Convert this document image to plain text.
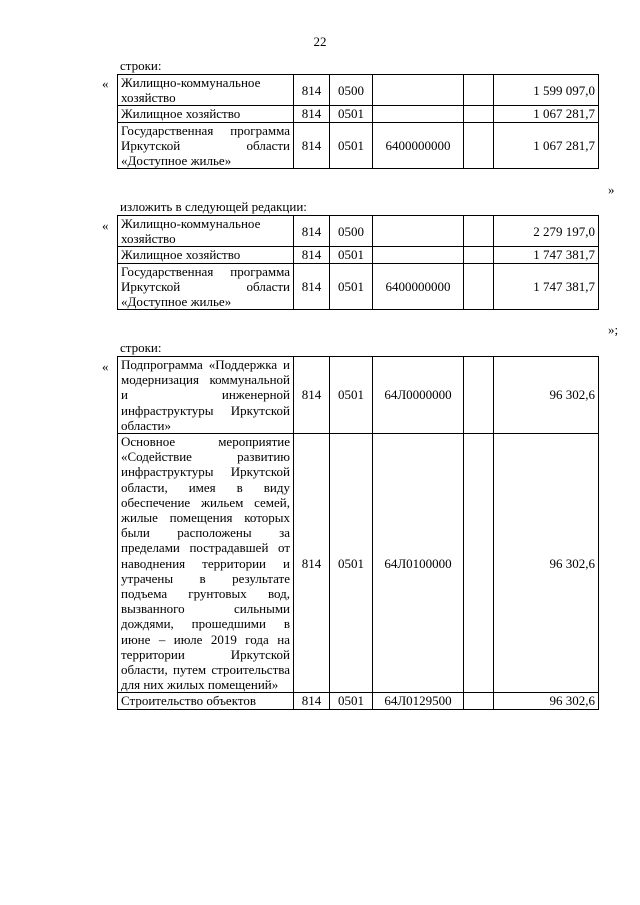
22
строки:
«
»
Жилищно-коммунальное хозяйство	814	0500			1 599 097,0
Жилищное хозяйство	814	0501			1 067 281,7
Государственная программа Иркутской области «Доступное жилье»	814	0501	6400000000		1 067 281,7
изложить в следующей редакции:
«
»;
Жилищно-коммунальное хозяйство	814	0500			2 279 197,0
Жилищное хозяйство	814	0501			1 747 381,7
Государственная программа Иркутской области «Доступное жилье»	814	0501	6400000000		1 747 381,7
строки:
« Подпрограмма «Поддержка и модернизация коммунальной и инженерной инфраструктуры Иркутской области»	814	0501	64Л0000000		96 302,6
Основное мероприятие «Содействие развитию инфраструктуры Иркутской области, имея в виду обеспечение жильем семей, жилые помещения которых были расположены за пределами пострадавшей от наводнения территории и утрачены в результате подъема грунтовых вод, вызванного сильными дождями, прошедшими в июне – июле 2019 года на территории Иркутской области, путем строительства для них жилых помещений»	814	0501	64Л0100000		96 302,6
Строительство объектов	814	0501	64Л0129500		96 302,6
